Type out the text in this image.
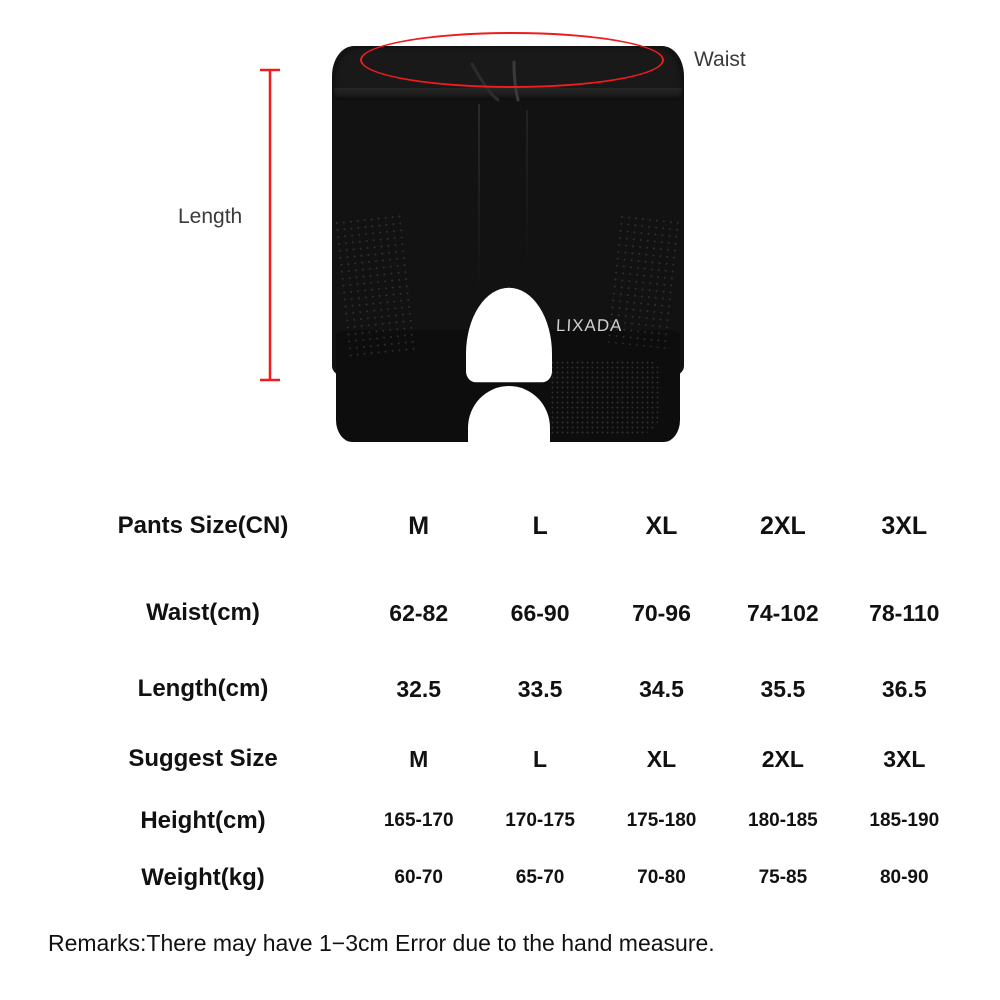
LIXADA
Waist
Length
Pants Size(CN)	M	L	XL	2XL	3XL
Waist(cm)	62-82	66-90	70-96	74-102	78-110
Length(cm)	32.5	33.5	34.5	35.5	36.5
Suggest Size	M	L	XL	2XL	3XL
Height(cm)	165-170	170-175	175-180	180-185	185-190
Weight(kg)	60-70	65-70	70-80	75-85	80-90
Remarks:There may have 1−3cm Error due to the hand measure.
